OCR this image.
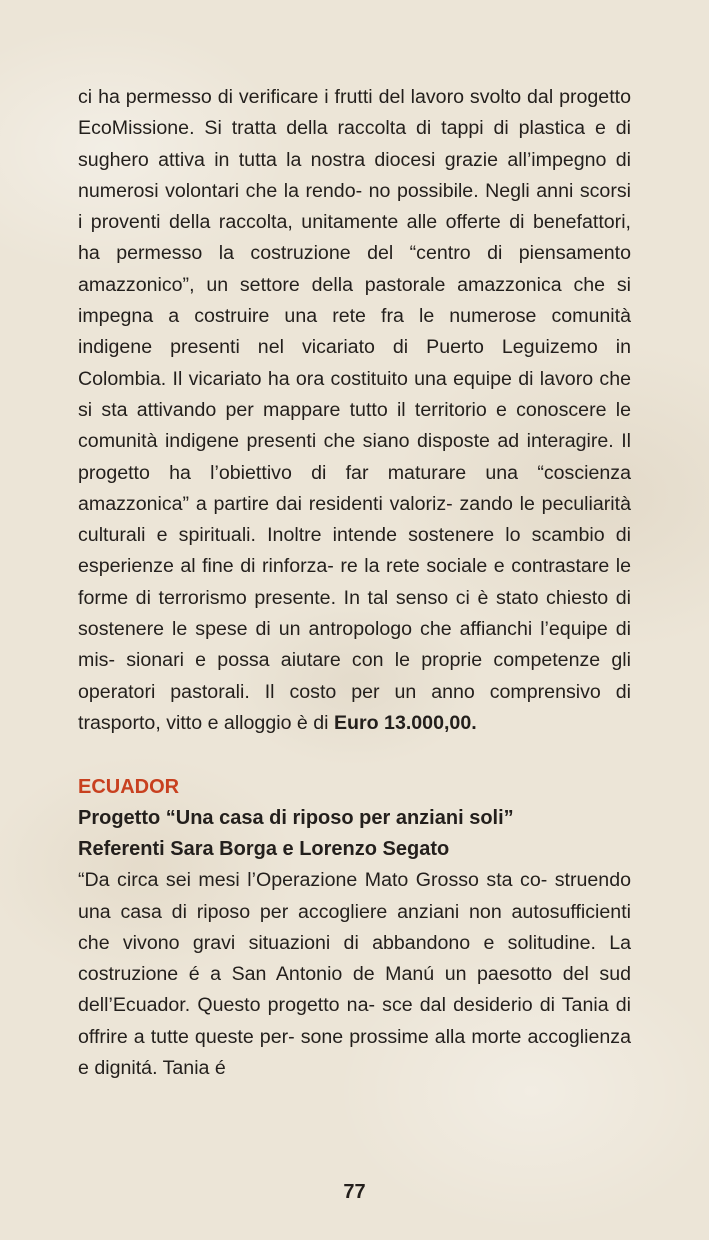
ci ha permesso di verificare i frutti del lavoro svolto dal progetto EcoMissione. Si tratta della raccolta di tappi di plastica e di sughero attiva in tutta la nostra diocesi grazie all’impegno di numerosi volontari che la rendo- no possibile. Negli anni scorsi i proventi della raccolta, unitamente alle offerte di benefattori, ha permesso la costruzione del “centro di piensamento amazzonico”, un settore della pastorale amazzonica che si impegna a costruire una rete fra le numerose comunità indigene presenti nel vicariato di Puerto Leguizemo in Colombia. Il vicariato ha ora costituito una equipe di lavoro che si sta attivando per mappare tutto il territorio e conoscere le comunità indigene presenti che siano disposte ad interagire. Il progetto ha l’obiettivo di far maturare una “coscienza amazzonica” a partire dai residenti valoriz- zando le peculiarità culturali e spirituali. Inoltre intende sostenere lo scambio di esperienze al fine di rinforza- re la rete sociale e contrastare le forme di terrorismo presente. In tal senso ci è stato chiesto di sostenere le spese di un antropologo che affianchi l’equipe di mis- sionari e possa aiutare con le proprie competenze gli operatori pastorali. Il costo per un anno comprensivo di trasporto, vitto e alloggio è di Euro 13.000,00.

ECUADOR
Progetto “Una casa di riposo per anziani soli”
Referenti Sara Borga e Lorenzo Segato

“Da circa sei mesi l’Operazione Mato Grosso sta co- struendo una casa di riposo per accogliere anziani non autosufficienti che vivono gravi situazioni di abbandono e solitudine. La costruzione é a San Antonio de Manú un paesotto del sud dell’Ecuador. Questo progetto na- sce dal desiderio di Tania di offrire a tutte queste per- sone prossime alla morte accoglienza e dignitá. Tania é

77
